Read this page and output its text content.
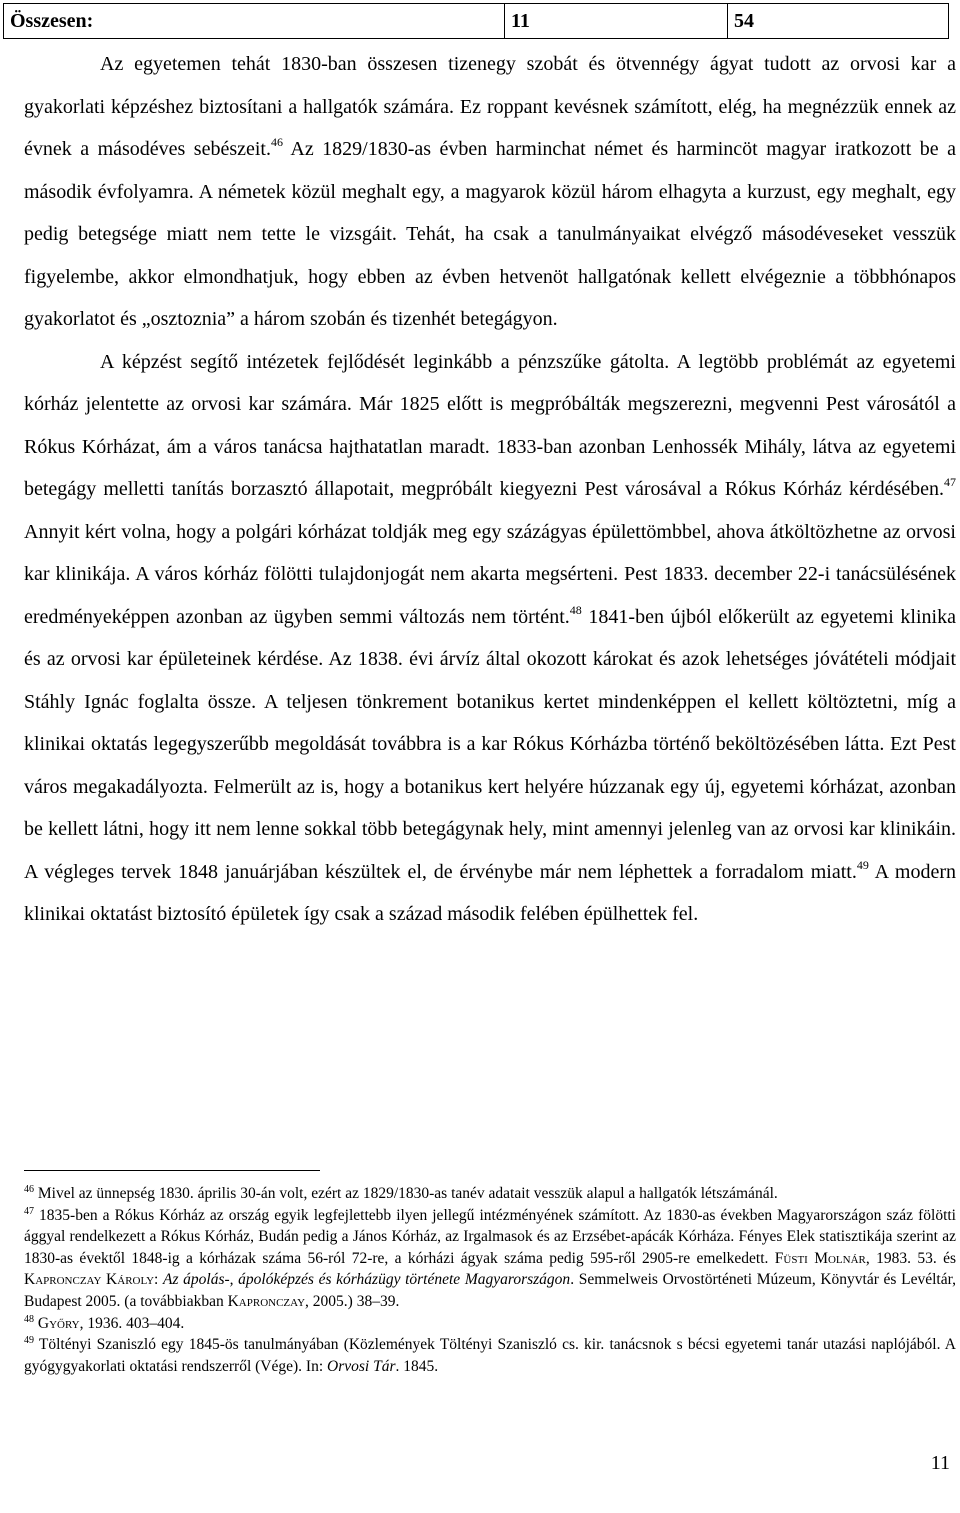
Összesen:	11	54

Az egyetemen tehát 1830-ban összesen tizenegy szobát és ötvennégy ágyat tudott az orvosi kar a gyakorlati képzéshez biztosítani a hallgatók számára. Ez roppant kevésnek számított, elég, ha megnézzük ennek az évnek a másodéves sebészeit.$^{46}$ Az 1829/1830-as évben harminchat német és harmincöt magyar iratkozott be a második évfolyamra. A németek közül meghalt egy, a magyarok közül három elhagyta a kurzust, egy meghalt, egy pedig betegsége miatt nem tette le vizsgáit. Tehát, ha csak a tanulmányaikat elvégző másodéveseket vesszük figyelembe, akkor elmondhatjuk, hogy ebben az évben hetvenöt hallgatónak kellett elvégeznie a többhónapos gyakorlatot és „osztoznia” a három szobán és tizenhét betegágyon.

A képzést segítő intézetek fejlődését leginkább a pénzszűke gátolta. A legtöbb problémát az egyetemi kórház jelentette az orvosi kar számára. Már 1825 előtt is megpróbálták megszerezni, megvenni Pest városától a Rókus Kórházat, ám a város tanácsa hajthatatlan maradt. 1833-ban azonban Lenhossék Mihály, látva az egyetemi betegágy melletti tanítás borzasztó állapotait, megpróbált kiegyezni Pest városával a Rókus Kórház kérdésében.$^{47}$ Annyit kért volna, hogy a polgári kórházat toldják meg egy százágyas épülettömbbel, ahova átköltözhetne az orvosi kar klinikája. A város kórház fölötti tulajdonjogát nem akarta megsérteni. Pest 1833. december 22-i tanácsülésének eredményeképpen azonban az ügyben semmi változás nem történt.$^{48}$ 1841-ben újból előkerült az egyetemi klinika és az orvosi kar épületeinek kérdése. Az 1838. évi árvíz által okozott károkat és azok lehetséges jóvátételi módjait Stáhly Ignác foglalta össze. A teljesen tönkrement botanikus kertet mindenképpen el kellett költöztetni, míg a klinikai oktatás legegyszerűbb megoldását továbbra is a kar Rókus Kórházba történő beköltözésében látta. Ezt Pest város megakadályozta. Felmerült az is, hogy a botanikus kert helyére húzzanak egy új, egyetemi kórházat, azonban be kellett látni, hogy itt nem lenne sokkal több betegágynak hely, mint amennyi jelenleg van az orvosi kar klinikáin. A végleges tervek 1848 januárjában készültek el, de érvénybe már nem léphettek a forradalom miatt.$^{49}$ A modern klinikai oktatást biztosító épületek így csak a század második felében épülhettek fel.

$^{46}$ Mivel az ünnepség 1830. április 30-án volt, ezért az 1829/1830-as tanév adatait vesszük alapul a hallgatók létszámánál.

$^{47}$ 1835-ben a Rókus Kórház az ország egyik legfejlettebb ilyen jellegű intézményének számított. Az 1830-as években Magyarországon száz fölötti ággyal rendelkezett a Rókus Kórház, Budán pedig a János Kórház, az Irgalmasok és az Erzsébet-apácák Kórháza. Fényes Elek statisztikája szerint az 1830-as évektől 1848-ig a kórházak száma 56-ról 72-re, a kórházi ágyak száma pedig 595-ről 2905-re emelkedett. Füsti Molnár, 1983. 53. és Kapronczay Károly: Az ápolás-, ápolóképzés és kórházügy története Magyarországon. Semmelweis Orvostörténeti Múzeum, Könyvtár és Levéltár, Budapest 2005. (a továbbiakban Kapronczay, 2005.) 38–39.

$^{48}$ Győry, 1936. 403–404.

$^{49}$ Töltényi Szaniszló egy 1845-ös tanulmányában (Közlemények Töltényi Szaniszló cs. kir. tanácsnok s bécsi egyetemi tanár utazási naplójából. A gyógygyakorlati oktatási rendszerről (Vége). In: Orvosi Tár. 1845.

11
